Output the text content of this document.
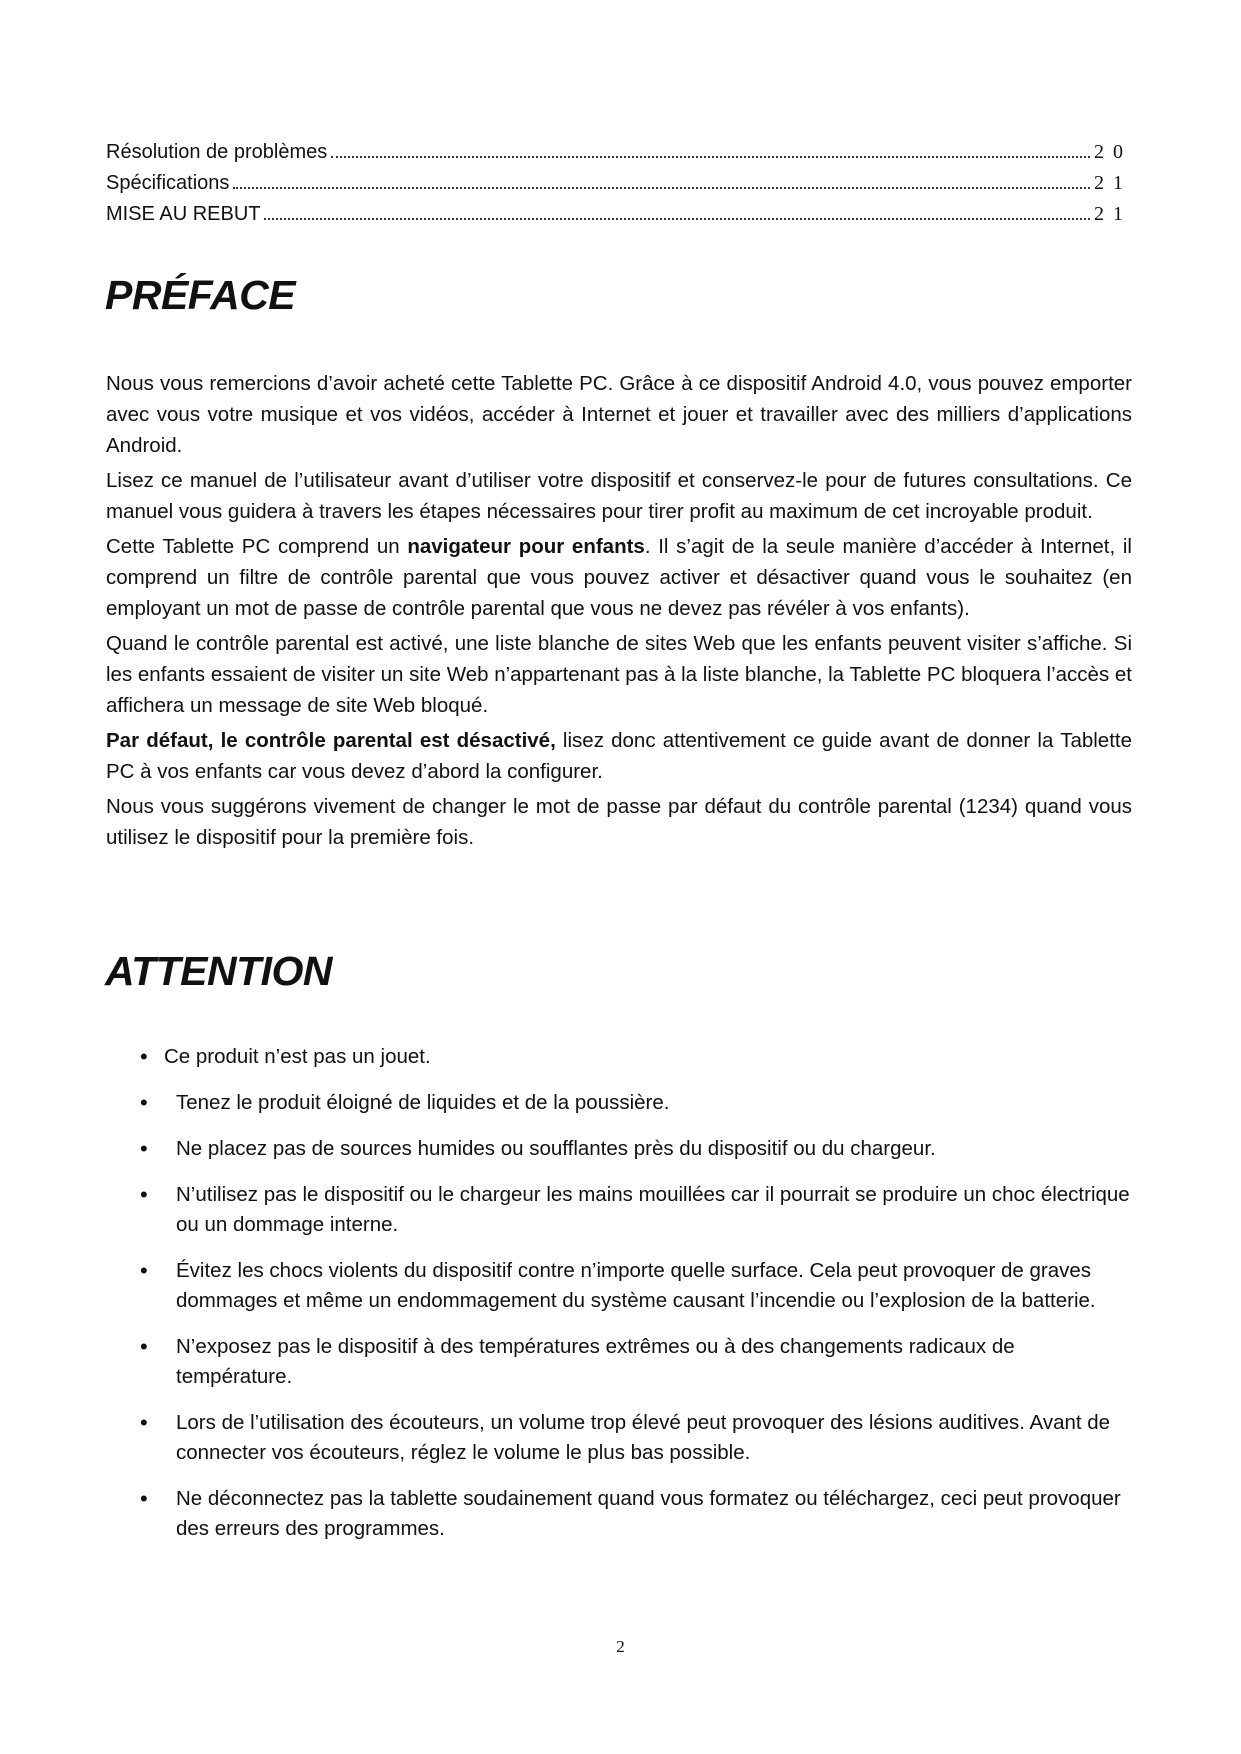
Résolution de problèmes	20
Spécifications	21
MISE AU REBUT	21
PRÉFACE

Nous vous remercions d’avoir acheté cette Tablette PC. Grâce à ce dispositif Android 4.0, vous pouvez emporter avec vous votre musique et vos vidéos, accéder à Internet et jouer et travailler avec des milliers d’applications Android.

Lisez ce manuel de l’utilisateur avant d’utiliser votre dispositif et conservez-le pour de futures consultations. Ce manuel vous guidera à travers les étapes nécessaires pour tirer profit au maximum de cet incroyable produit.

Cette Tablette PC comprend un navigateur pour enfants. Il s’agit de la seule manière d’accéder à Internet, il comprend un filtre de contrôle parental que vous pouvez activer et désactiver quand vous le souhaitez (en employant un mot de passe de contrôle parental que vous ne devez pas révéler à vos enfants).

Quand le contrôle parental est activé, une liste blanche de sites Web que les enfants peuvent visiter s’affiche. Si les enfants essaient de visiter un site Web n’appartenant pas à la liste blanche, la Tablette PC bloquera l’accès et affichera un message de site Web bloqué.

Par défaut, le contrôle parental est désactivé, lisez donc attentivement ce guide avant de donner la Tablette PC à vos enfants car vous devez d’abord la configurer.

Nous vous suggérons vivement de changer le mot de passe par défaut du contrôle parental (1234) quand vous utilisez le dispositif pour la première fois.

ATTENTION
• Ce produit n’est pas un jouet.
• Tenez le produit éloigné de liquides et de la poussière.
• Ne placez pas de sources humides ou soufflantes près du dispositif ou du chargeur.
• N’utilisez pas le dispositif ou le chargeur les mains mouillées car il pourrait se produire un choc électrique ou un dommage interne.
• Évitez les chocs violents du dispositif contre n’importe quelle surface. Cela peut provoquer de graves dommages et même un endommagement du système causant l’incendie ou l’explosion de la batterie.
• N’exposez pas le dispositif à des températures extrêmes ou à des changements radicaux de température.
• Lors de l’utilisation des écouteurs, un volume trop élevé peut provoquer des lésions auditives. Avant de connecter vos écouteurs, réglez le volume le plus bas possible.
• Ne déconnectez pas la tablette soudainement quand vous formatez ou téléchargez, ceci peut provoquer des erreurs des programmes.
2
